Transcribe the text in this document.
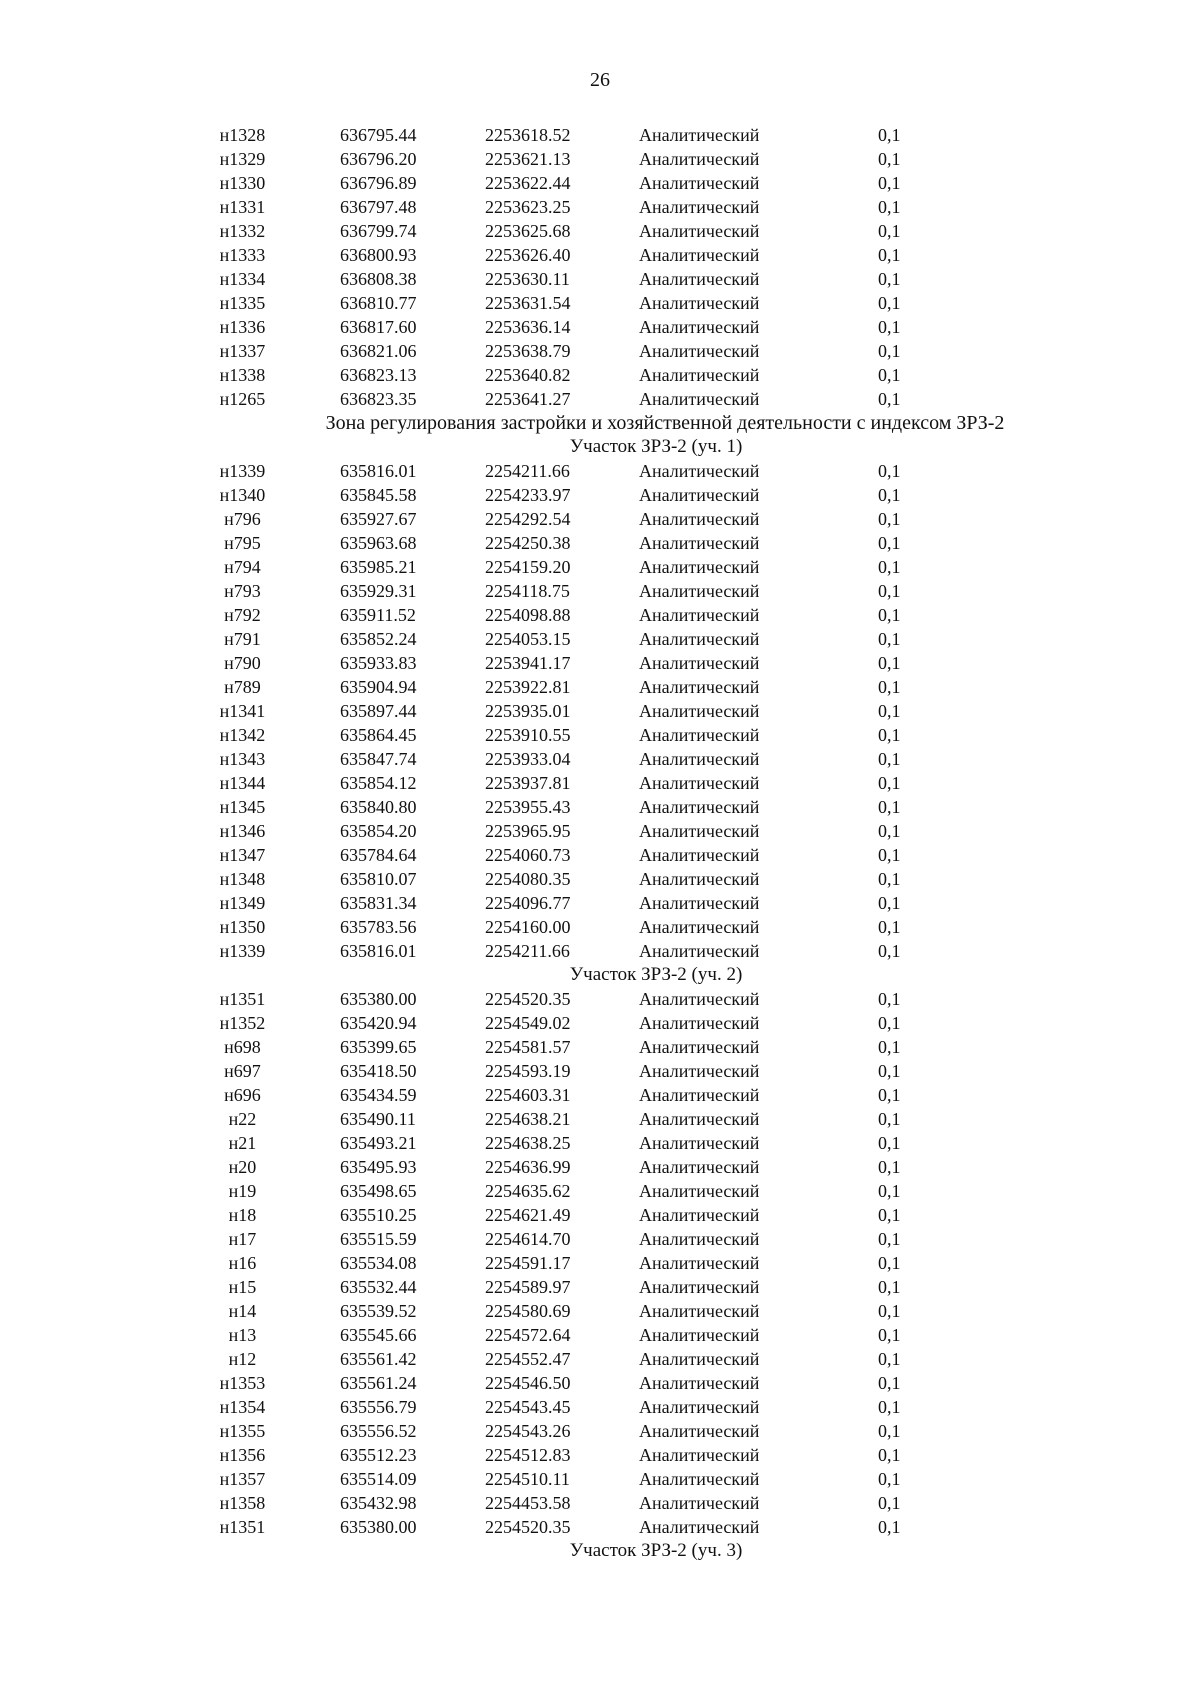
26
н1328	636795.44	2253618.52	Аналитический	0,1
н1329	636796.20	2253621.13	Аналитический	0,1
н1330	636796.89	2253622.44	Аналитический	0,1
н1331	636797.48	2253623.25	Аналитический	0,1
н1332	636799.74	2253625.68	Аналитический	0,1
н1333	636800.93	2253626.40	Аналитический	0,1
н1334	636808.38	2253630.11	Аналитический	0,1
н1335	636810.77	2253631.54	Аналитический	0,1
н1336	636817.60	2253636.14	Аналитический	0,1
н1337	636821.06	2253638.79	Аналитический	0,1
н1338	636823.13	2253640.82	Аналитический	0,1
н1265	636823.35	2253641.27	Аналитический	0,1
Зона регулирования застройки и хозяйственной деятельности с индексом ЗРЗ-2
Участок ЗРЗ-2 (уч. 1)
н1339	635816.01	2254211.66	Аналитический	0,1
н1340	635845.58	2254233.97	Аналитический	0,1
н796	635927.67	2254292.54	Аналитический	0,1
н795	635963.68	2254250.38	Аналитический	0,1
н794	635985.21	2254159.20	Аналитический	0,1
н793	635929.31	2254118.75	Аналитический	0,1
н792	635911.52	2254098.88	Аналитический	0,1
н791	635852.24	2254053.15	Аналитический	0,1
н790	635933.83	2253941.17	Аналитический	0,1
н789	635904.94	2253922.81	Аналитический	0,1
н1341	635897.44	2253935.01	Аналитический	0,1
н1342	635864.45	2253910.55	Аналитический	0,1
н1343	635847.74	2253933.04	Аналитический	0,1
н1344	635854.12	2253937.81	Аналитический	0,1
н1345	635840.80	2253955.43	Аналитический	0,1
н1346	635854.20	2253965.95	Аналитический	0,1
н1347	635784.64	2254060.73	Аналитический	0,1
н1348	635810.07	2254080.35	Аналитический	0,1
н1349	635831.34	2254096.77	Аналитический	0,1
н1350	635783.56	2254160.00	Аналитический	0,1
н1339	635816.01	2254211.66	Аналитический	0,1
Участок ЗРЗ-2 (уч. 2)
н1351	635380.00	2254520.35	Аналитический	0,1
н1352	635420.94	2254549.02	Аналитический	0,1
н698	635399.65	2254581.57	Аналитический	0,1
н697	635418.50	2254593.19	Аналитический	0,1
н696	635434.59	2254603.31	Аналитический	0,1
н22	635490.11	2254638.21	Аналитический	0,1
н21	635493.21	2254638.25	Аналитический	0,1
н20	635495.93	2254636.99	Аналитический	0,1
н19	635498.65	2254635.62	Аналитический	0,1
н18	635510.25	2254621.49	Аналитический	0,1
н17	635515.59	2254614.70	Аналитический	0,1
н16	635534.08	2254591.17	Аналитический	0,1
н15	635532.44	2254589.97	Аналитический	0,1
н14	635539.52	2254580.69	Аналитический	0,1
н13	635545.66	2254572.64	Аналитический	0,1
н12	635561.42	2254552.47	Аналитический	0,1
н1353	635561.24	2254546.50	Аналитический	0,1
н1354	635556.79	2254543.45	Аналитический	0,1
н1355	635556.52	2254543.26	Аналитический	0,1
н1356	635512.23	2254512.83	Аналитический	0,1
н1357	635514.09	2254510.11	Аналитический	0,1
н1358	635432.98	2254453.58	Аналитический	0,1
н1351	635380.00	2254520.35	Аналитический	0,1
Участок ЗРЗ-2 (уч. 3)
